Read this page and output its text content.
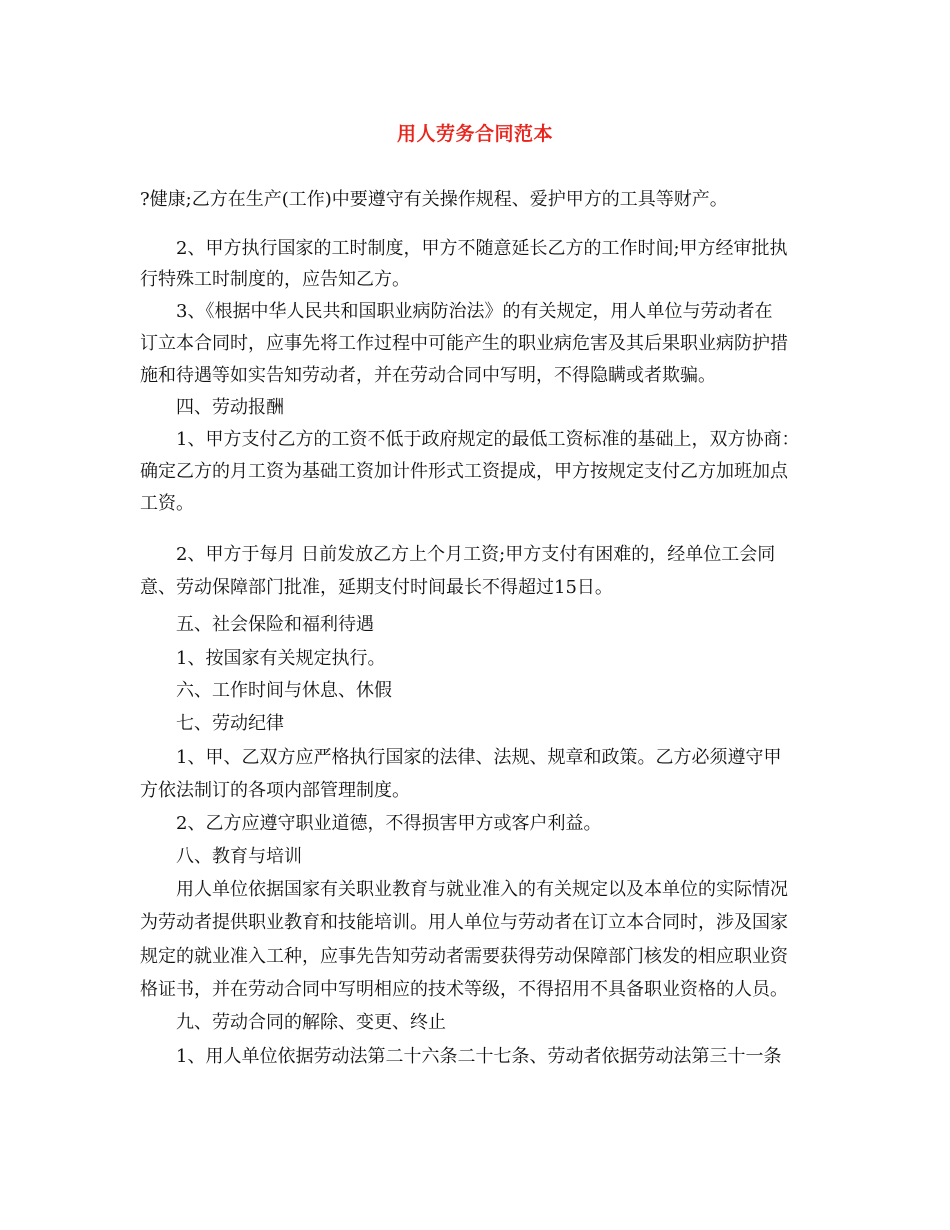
用人劳务合同范本
?健康;乙方在生产(工作)中要遵守有关操作规程、爱护甲方的工具等财产。
2、甲方执行国家的工时制度，甲方不随意延长乙方的工作时间;甲方经审批执
行特殊工时制度的，应告知乙方。
3、《根据中华人民共和国职业病防治法》的有关规定，用人单位与劳动者在
订立本合同时，应事先将工作过程中可能产生的职业病危害及其后果职业病防护措
施和待遇等如实告知劳动者，并在劳动合同中写明，不得隐瞒或者欺骗。
四、劳动报酬
1、甲方支付乙方的工资不低于政府规定的最低工资标准的基础上，双方协商：
确定乙方的月工资为基础工资加计件形式工资提成，甲方按规定支付乙方加班加点
工资。
2、甲方于每月 日前发放乙方上个月工资;甲方支付有困难的，经单位工会同
意、劳动保障部门批准，延期支付时间最长不得超过15日。
五、社会保险和福利待遇
1、按国家有关规定执行。
六、工作时间与休息、休假
七、劳动纪律
1、甲、乙双方应严格执行国家的法律、法规、规章和政策。乙方必须遵守甲
方依法制订的各项内部管理制度。
2、乙方应遵守职业道德，不得损害甲方或客户利益。
八、教育与培训
用人单位依据国家有关职业教育与就业准入的有关规定以及本单位的实际情况
为劳动者提供职业教育和技能培训。用人单位与劳动者在订立本合同时，涉及国家
规定的就业准入工种，应事先告知劳动者需要获得劳动保障部门核发的相应职业资
格证书，并在劳动合同中写明相应的技术等级，不得招用不具备职业资格的人员。
九、劳动合同的解除、变更、终止
1、用人单位依据劳动法第二十六条二十七条、劳动者依据劳动法第三十一条
